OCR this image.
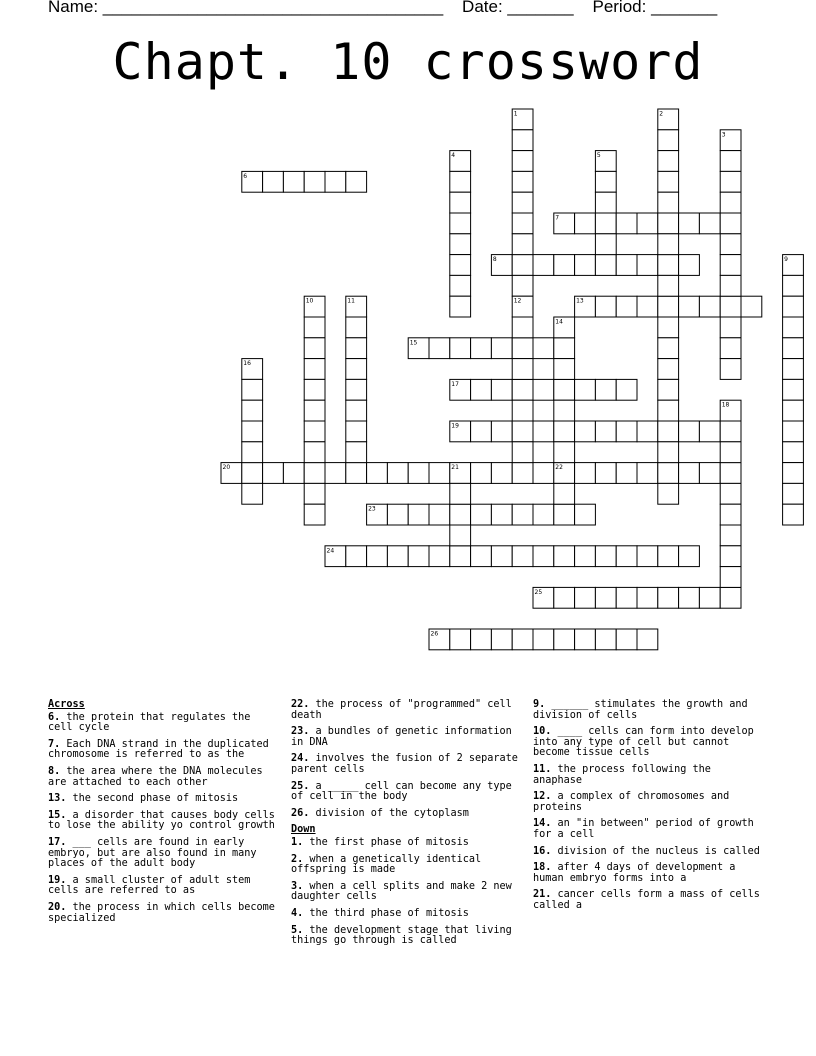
Name: ____________________________________    Date: _______    Period: _______
Chapt. 10 crossword
6
7
8
13
15
17
19
20	21	22
23
24
25
26
1	2
3
4	5
9
10	11	12
14
16
18
Across
6. the protein that regulates the cell cycle
7. Each DNA strand in the duplicated chromosome is referred to as the
8. the area where the DNA molecules are attached to each other
13. the second phase of mitosis
15. a disorder that causes body cells to lose the ability yo control growth
17. ___ cells are found in early embryo, but are also found in many places of the adult body
19. a small cluster of adult stem cells are referred to as
20. the process in which cells become specialized
22. the process of "programmed" cell death
23. a bundles of genetic information in DNA
24. involves the fusion of 2 separate parent cells
25. a _____ cell can become any type of cell in the body
26. division of the cytoplasm
Down
1. the first phase of mitosis
2. when a genetically identical offspring is made
3. when a cell splits and make 2 new daughter cells
4. the third phase of mitosis
5. the development stage that living things go through is called
9. ______ stimulates the growth and division of cells
10. ____ cells can form into develop into any type of cell but cannot become tissue cells
11. the process following the anaphase
12. a complex of chromosomes and proteins
14. an "in between" period of growth for a cell
16. division of the nucleus is called
18. after 4 days of development a human embryo forms into a
21. cancer cells form a mass of cells called a
